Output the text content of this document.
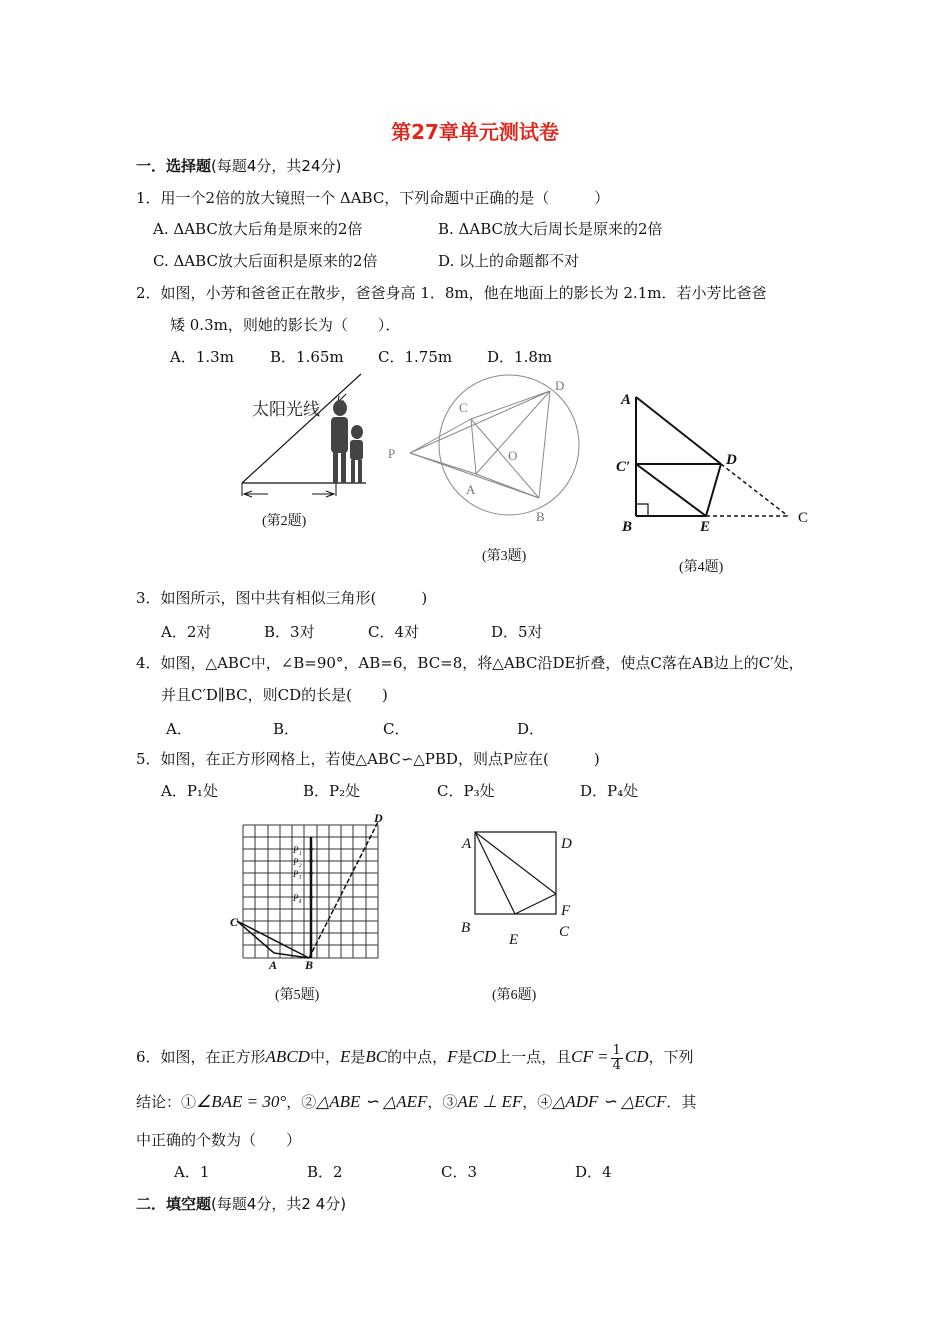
第27章单元测试卷
一．选择题(每题4分，共24分)
1．用一个2倍的放大镜照一个 ΔABC，下列命题中正确的是（　　　）
A. ΔABC放大后角是原来的2倍	B. ΔABC放大后周长是原来的2倍
C. ΔABC放大后面积是原来的2倍	D. 以上的命题都不对
2．如图，小芳和爸爸正在散步，爸爸身高 1．8m，他在地面上的影长为 2.1m．若小芳比爸爸
矮 0.3m，则她的影长为（　　）．
A．1.3m B．1.65m C．1.75m D．1.8m
太阳光线
(第2题)
D
C
P	O
A
B
(第3题)
A
C′	D
B	E
C
(第4题)
3．如图所示，图中共有相似三角形(　　　)
A．2对	B．3对	C．4对	D．5对
4．如图，△ABC中，∠B=90°，AB=6，BC=8，将△ABC沿DE折叠，使点C落在AB边上的C′处，
并且C′D∥BC，则CD的长是(　　)
A．	B．	C．	D．
5．如图，在正方形网格上，若使△ABC∽△PBD，则点P应在(　　　)
A．P₁处	B．P₂处	C．P₃处	D．P₄处
P₁
P₂
P₃
P₄
D
C
A B
(第5题)
A	D
F
B
E	C
(第6题)
6．如图，在正方形ABCD中，E是BC的中点，F是CD上一点，且CF = $\frac{1}{4}$ CD，下列
结论：①∠BAE = 30°，②△ABE ∽ △AEF，③AE ⊥ EF，④△ADF ∽ △ECF．其
中正确的个数为（　　）
A．1	B．2	C．3	D．4
二．填空题(每题4分，共2 4分)
